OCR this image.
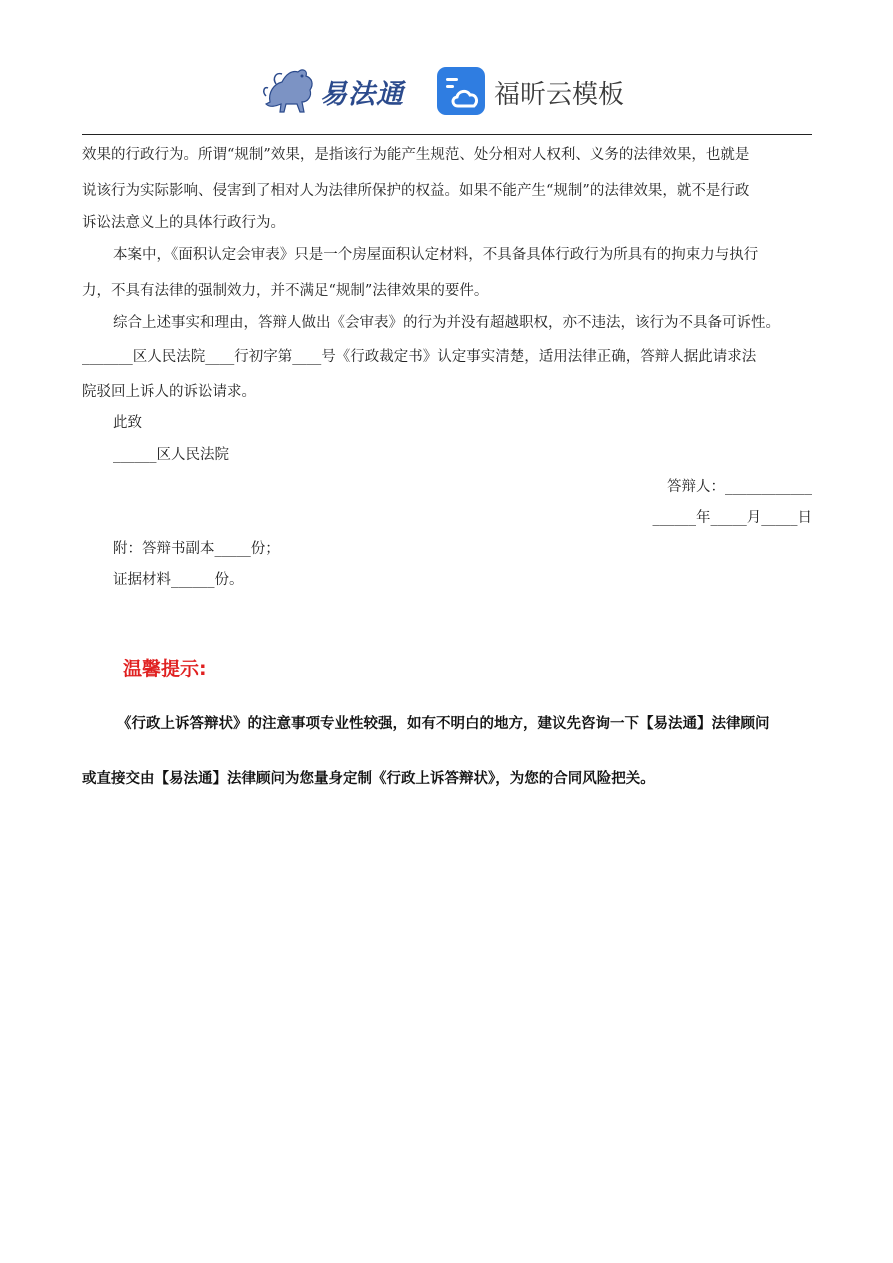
易法通	福昕云模板
效果的行政行为。所谓“规制”效果，是指该行为能产生规范、处分相对人权利、义务的法律效果，也就是
说该行为实际影响、侵害到了相对人为法律所保护的权益。如果不能产生“规制”的法律效果，就不是行政
诉讼法意义上的具体行政行为。
本案中，《面积认定会审表》只是一个房屋面积认定材料，不具备具体行政行为所具有的拘束力与执行
力，不具有法律的强制效力，并不满足“规制”法律效果的要件。
综合上述事实和理由，答辩人做出《会审表》的行为并没有超越职权，亦不违法，该行为不具备可诉性。
_______区人民法院____行初字第____号《行政裁定书》认定事实清楚，适用法律正确，答辩人据此请求法
院驳回上诉人的诉讼请求。
此致
______区人民法院
答辩人：____________
______年_____月_____日
附：答辩书副本_____份；
证据材料______份。
温馨提示:
《行政上诉答辩状》的注意事项专业性较强，如有不明白的地方，建议先咨询一下【易法通】法律顾问
或直接交由【易法通】法律顾问为您量身定制《行政上诉答辩状》，为您的合同风险把关。
